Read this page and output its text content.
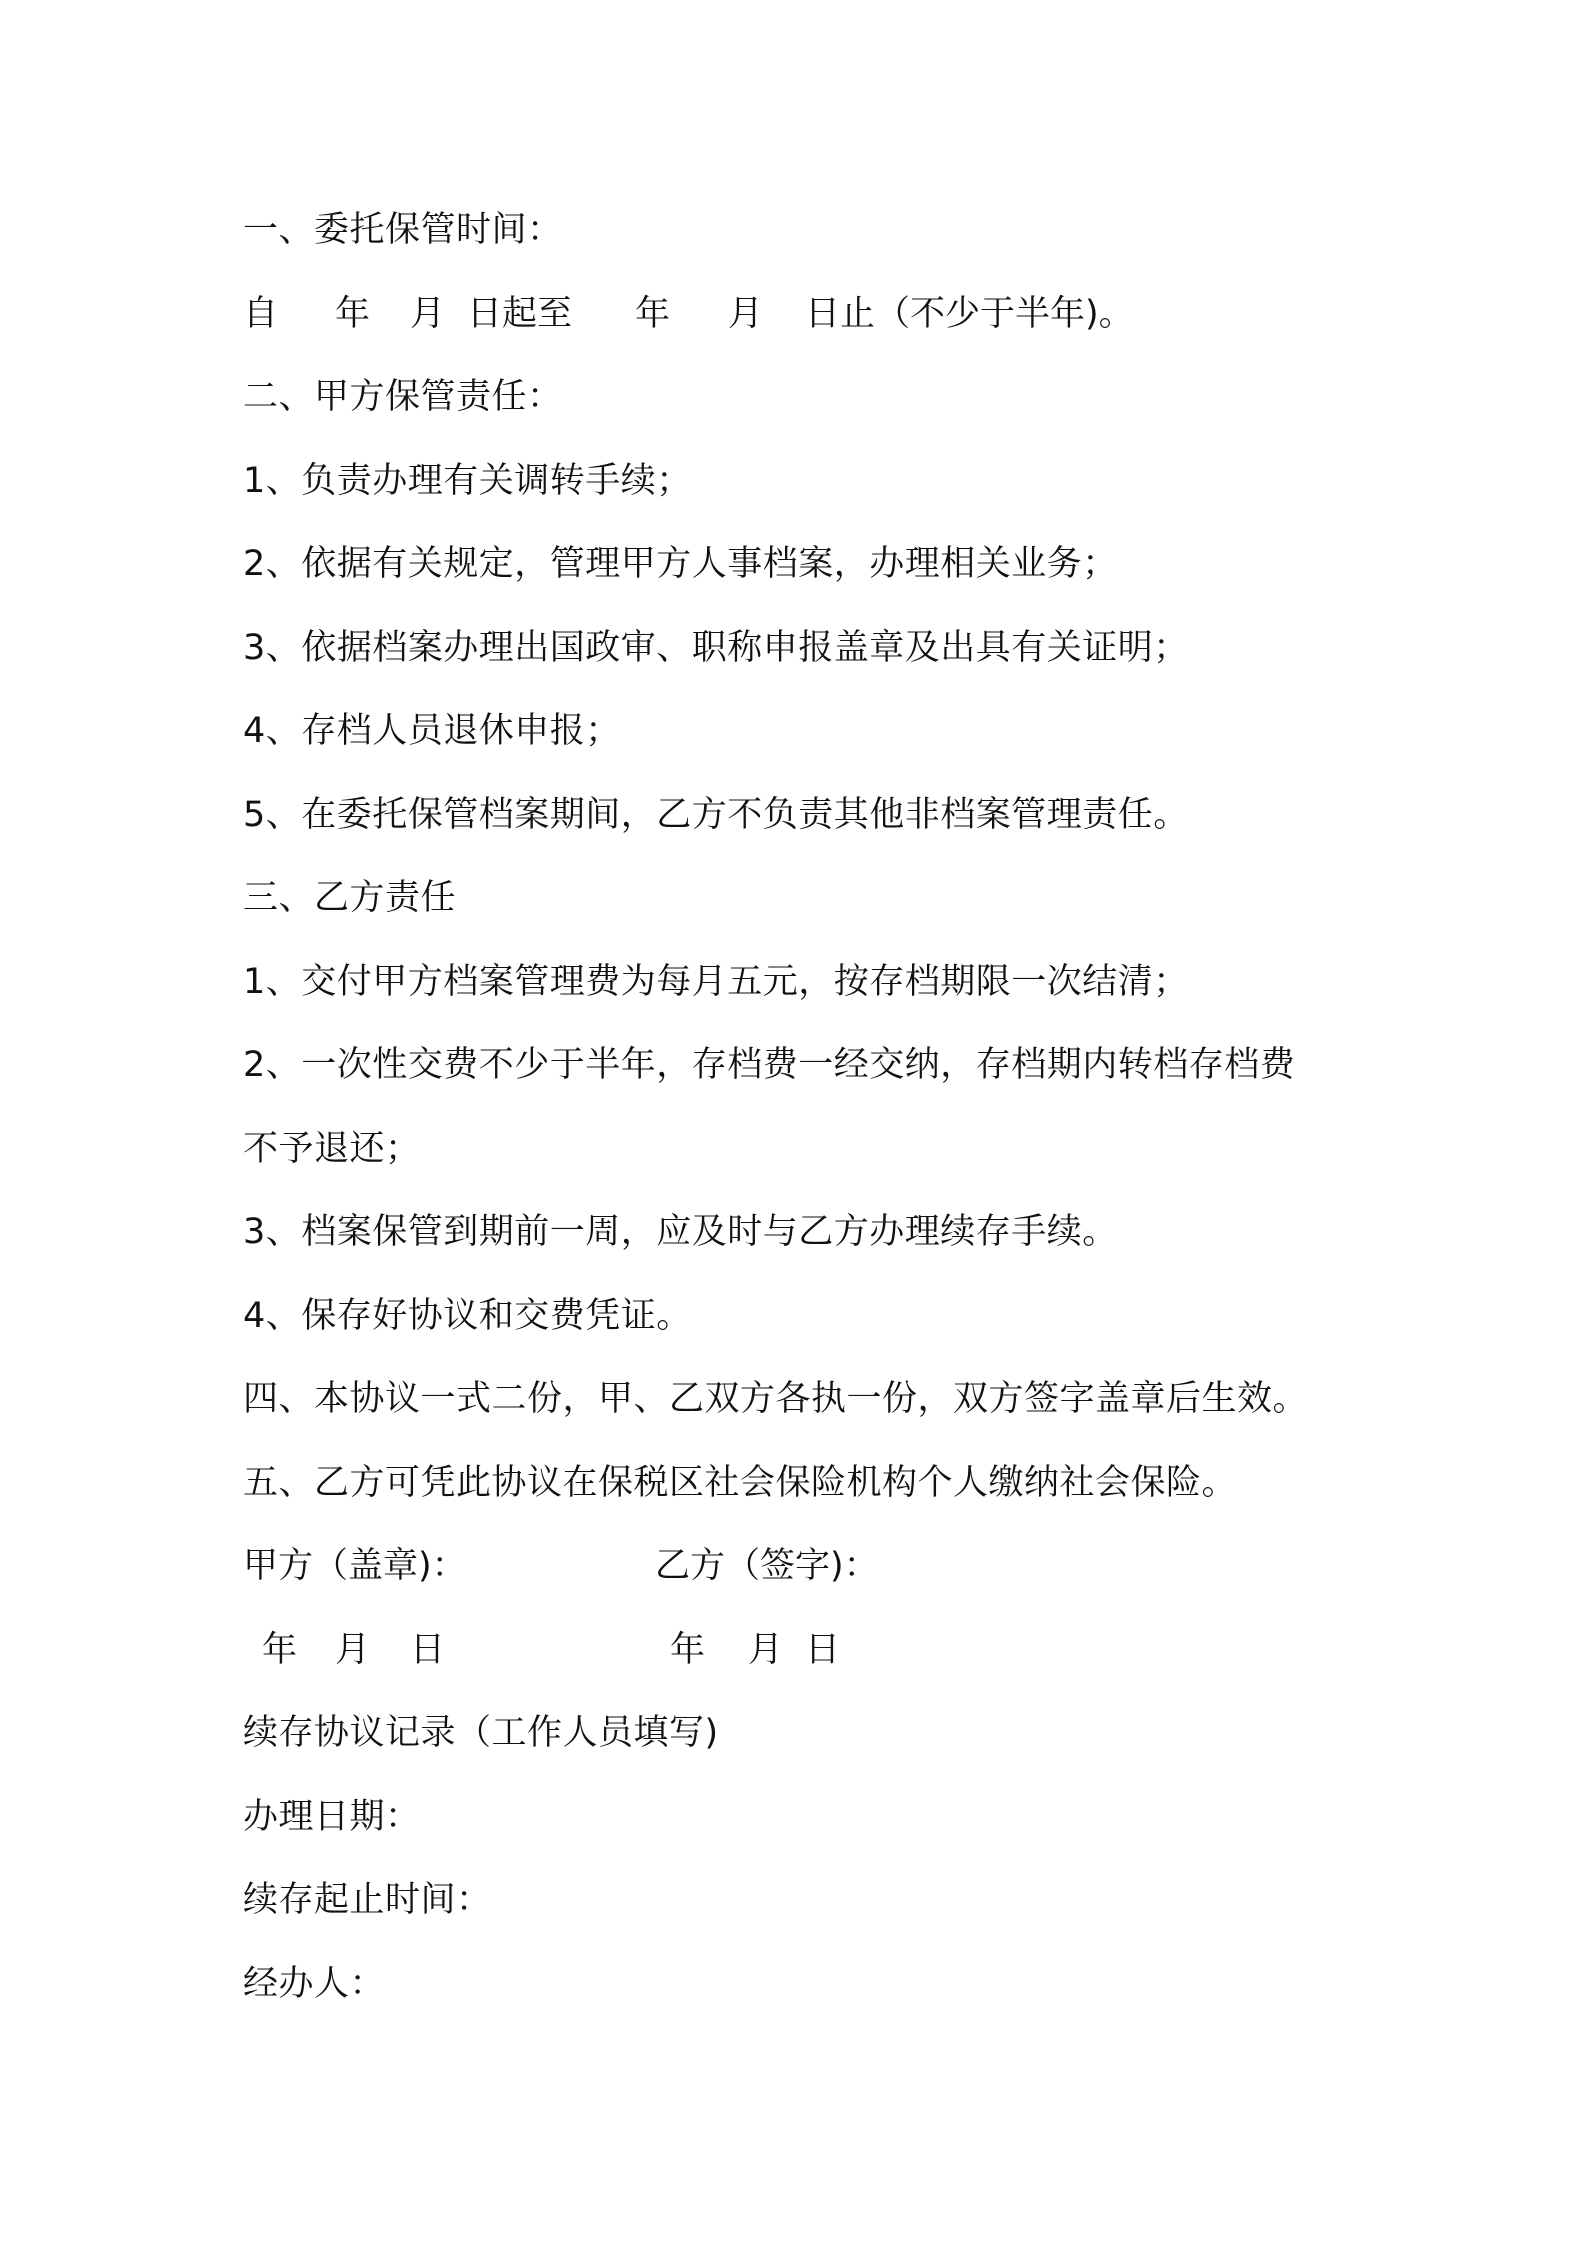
一、委托保管时间：
自 年 月 日起至 年 月 日止（不少于半年)。
二、甲方保管责任：
1、负责办理有关调转手续；
2、依据有关规定，管理甲方人事档案，办理相关业务；
3、依据档案办理出国政审、职称申报盖章及出具有关证明；
4、存档人员退休申报；
5、在委托保管档案期间，乙方不负责其他非档案管理责任。
三、乙方责任
1、交付甲方档案管理费为每月五元，按存档期限一次结清；
2、一次性交费不少于半年，存档费一经交纳，存档期内转档存档费
不予退还；
3、档案保管到期前一周，应及时与乙方办理续存手续。
4、保存好协议和交费凭证。
四、本协议一式二份，甲、乙双方各执一份，双方签字盖章后生效。
五、乙方可凭此协议在保税区社会保险机构个人缴纳社会保险。
甲方（盖章)：	乙方（签字)：
年 月 日	年 月 日
续存协议记录（工作人员填写)
办理日期：
续存起止时间：
经办人：
